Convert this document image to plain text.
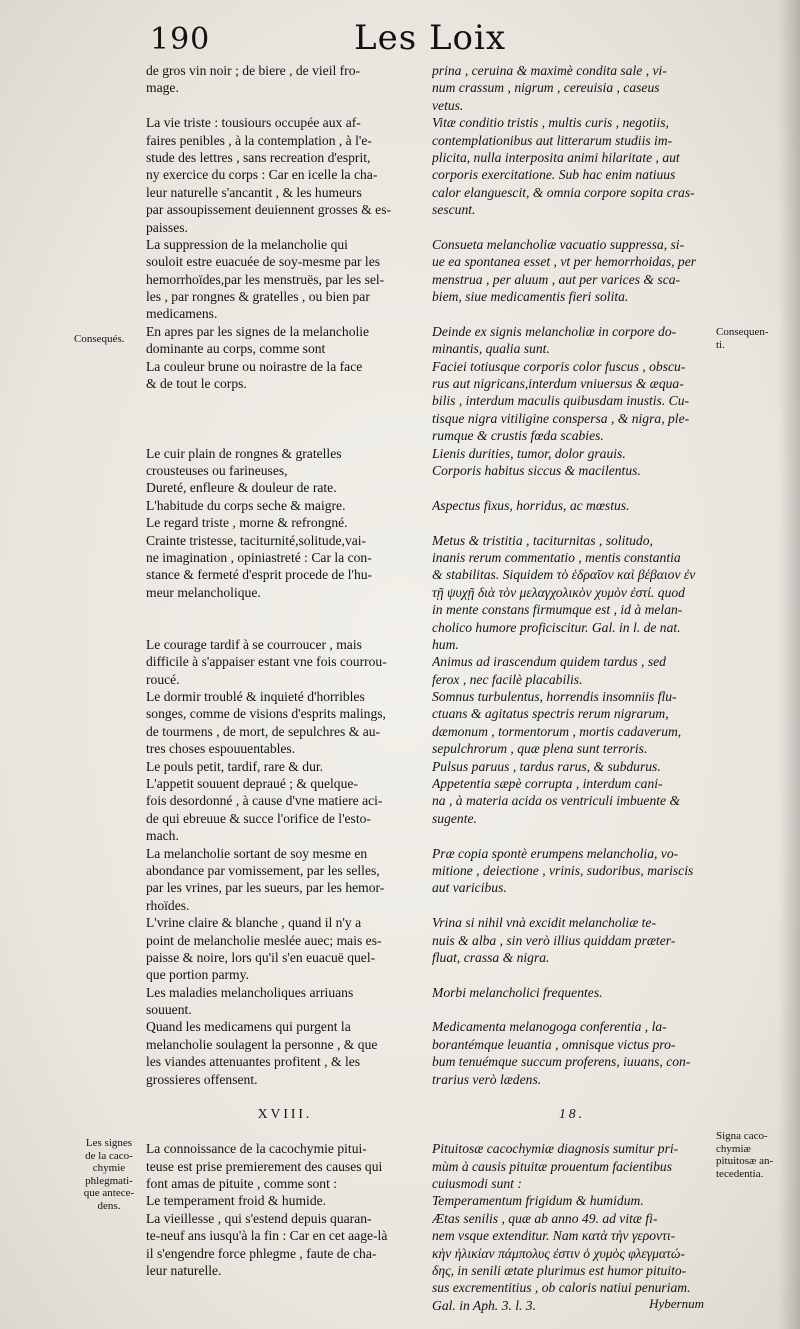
190	Les Loix
de gros vin noir ; de biere , de vieil fro-
mage.
La vie triste : tousiours occupée aux af-
faires penibles , à la contemplation , à l'e-
stude des lettres , sans recreation d'esprit,
ny exercice du corps : Car en icelle la cha-
leur naturelle s'ancantit , & les humeurs
par assoupissement deuiennent grosses & es-
paisses.
La suppression de la melancholie qui
souloit estre euacuée de soy-mesme par les
hemorrhoïdes,par les menstruës, par les sel-
les , par rongnes & gratelles , ou bien par
medicamens.
En apres par les signes de la melancholie
dominante au corps, comme sont
La couleur brune ou noirastre de la face
& de tout le corps.
Le cuir plain de rongnes & gratelles
crousteuses ou farineuses,
Dureté, enfleure & douleur de rate.
L'habitude du corps seche & maigre.
Le regard triste , morne & refrongné.
Crainte tristesse, taciturnité,solitude,vai-
ne imagination , opiniastreté : Car la con-
stance & fermeté d'esprit procede de l'hu-
meur melancholique.
Le courage tardif à se courroucer , mais
difficile à s'appaiser estant vne fois courrou-
roucé.
Le dormir troublé & inquieté d'horribles
songes, comme de visions d'esprits malings,
de tourmens , de mort, de sepulchres & au-
tres choses espouuentables.
Le pouls petit, tardif, rare & dur.
L'appetit souuent depraué ; & quelque-
fois desordonné , à cause d'vne matiere aci-
de qui ebreuue & succe l'orifice de l'esto-
mach.
La melancholie sortant de soy mesme en
abondance par vomissement, par les selles,
par les vrines, par les sueurs, par les hemor-
rhoïdes.
L'vrine claire & blanche , quand il n'y a
point de melancholie meslée auec; mais es-
paisse & noire, lors qu'il s'en euacuë quel-
que portion parmy.
Les maladies melancholiques arriuans
souuent.
Quand les medicamens qui purgent la
melancholie soulagent la personne , & que
les viandes attenuantes profitent , & les
grossieres offensent.
XVIII.
La connoissance de la cacochymie pitui-
teuse est prise premierement des causes qui
font amas de pituite , comme sont :
Le temperament froid & humide.
La vieillesse , qui s'estend depuis quaran-
te-neuf ans iusqu'à la fin : Car en cet aage-là
il s'engendre force phlegme , faute de cha-
leur naturelle.
prina , ceruina & maximè condita sale , vi-
num crassum , nigrum , cereuisia , caseus
vetus.
Vitæ conditio tristis , multis curis , negotiis,
contemplationibus aut litterarum studiis im-
plicita, nulla interposita animi hilaritate , aut
corporis exercitatione. Sub hac enim natiuus
calor elanguescit, & omnia corpore sopita cras-
sescunt.
Consueta melancholiæ vacuatio suppressa, si-
ue ea spontanea esset , vt per hemorrhoidas, per
menstrua , per aluum , aut per varices & sca-
biem, siue medicamentis fieri solita.
Deinde ex signis melancholiæ in corpore do-
minantis, qualia sunt.
Faciei totiusque corporis color fuscus , obscu-
rus aut nigricans,interdum vniuersus & æqua-
bilis , interdum maculis quibusdam inustis. Cu-
tisque nigra vitiligine conspersa , & nigra, ple-
rumque & crustis fœda scabies.
Lienis durities, tumor, dolor grauis.
Corporis habitus siccus & macilentus.
Aspectus fixus, horridus, ac mœstus.
Metus & tristitia , taciturnitas , solitudo,
inanis rerum commentatio , mentis constantia
& stabilitas. Siquidem τὸ ἑδραῖον καὶ βέβαιον ἐν
τῇ ψυχῇ διὰ τὸν μελαγχολικὸν χυμὸν ἐστί. quod
in mente constans firmumque est , id à melan-
cholico humore proficiscitur. Gal. in l. de nat.
hum.
Animus ad irascendum quidem tardus , sed
ferox , nec facilè placabilis.
Somnus turbulentus, horrendis insomniis flu-
ctuans & agitatus spectris rerum nigrarum,
dæmonum , tormentorum , mortis cadaverum,
sepulchrorum , quæ plena sunt terroris.
Pulsus paruus , tardus rarus, & subdurus.
Appetentia sæpè corrupta , interdum cani-
na , à materia acida os ventriculi imbuente &
sugente.
Præ copia spontè erumpens melancholia, vo-
mitione , deiectione , vrinis, sudoribus, mariscis
aut varicibus.
Vrina si nihil vnà excidit melancholiæ te-
nuis & alba , sin verò illius quiddam præter-
fluat, crassa & nigra.
Morbi melancholici frequentes.
Medicamenta melanogoga conferentia , la-
borantémque leuantia , omnisque victus pro-
bum tenuémque succum proferens, iuuans, con-
trarius verò lædens.
18.
Pituitosæ cacochymiæ diagnosis sumitur pri-
mùm à causis pituitæ prouentum facientibus
cuiusmodi sunt :
Temperamentum frigidum & humidum.
Ætas senilis , quæ ab anno 49. ad vitæ fi-
nem vsque extenditur. Nam κατὰ τὴν γεροντι-
κὴν ἡλικίαν πάμπολυς ἐστιν ὁ χυμὸς φλεγματώ-
δης, in senili ætate plurimus est humor pituito-
sus excrementitius , ob caloris natiui penuriam.
Gal. in Aph. 3. l. 3.
Consequés.
Consequen-
ti.
Les signes
de la caco-
chymie
phlegmati-
que antece-
dens.
Signa caco-
chymiæ
pituitosæ an-
tecedentia.
Hybernum
